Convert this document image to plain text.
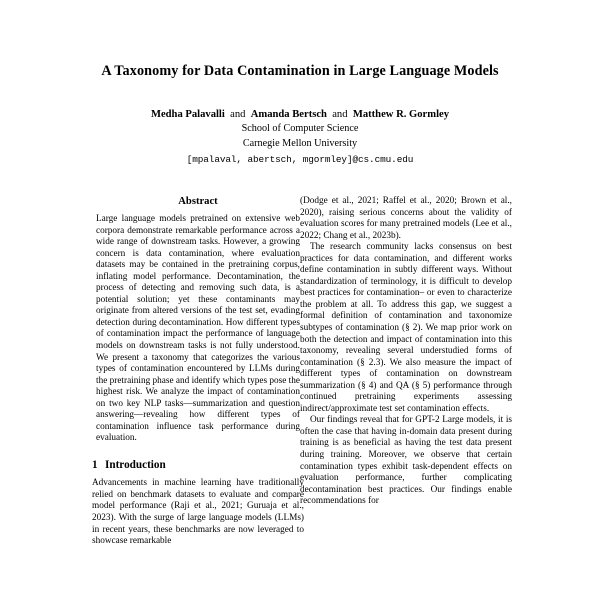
A Taxonomy for Data Contamination in Large Language Models
Medha Palavalli and Amanda Bertsch and Matthew R. Gormley
School of Computer Science
Carnegie Mellon University
[mpalaval, abertsch, mgormley]@cs.cmu.edu
Abstract

Large language models pretrained on extensive web corpora demonstrate remarkable performance across a wide range of downstream tasks. However, a growing concern is data contamination, where evaluation datasets may be contained in the pretraining corpus, inflating model performance. Decontamination, the process of detecting and removing such data, is a potential solution; yet these contaminants may originate from altered versions of the test set, evading detection during decontamination. How different types of contamination impact the performance of language models on downstream tasks is not fully understood. We present a taxonomy that categorizes the various types of contamination encountered by LLMs during the pretraining phase and identify which types pose the highest risk. We analyze the impact of contamination on two key NLP tasks—summarization and question answering—revealing how different types of contamination influence task performance during evaluation.

1 Introduction

Advancements in machine learning have traditionally relied on benchmark datasets to evaluate and compare model performance (Raji et al., 2021; Guruaja et al., 2023). With the surge of large language models (LLMs) in recent years, these benchmarks are now leveraged to showcase remarkable

(Dodge et al., 2021; Raffel et al., 2020; Brown et al., 2020), raising serious concerns about the validity of evaluation scores for many pretrained models (Lee et al., 2022; Chang et al., 2023b).

The research community lacks consensus on best practices for data contamination, and different works define contamination in subtly different ways. Without standardization of terminology, it is difficult to develop best practices for contamination– or even to characterize the problem at all. To address this gap, we suggest a formal definition of contamination and taxonomize subtypes of contamination (§ 2). We map prior work on both the detection and impact of contamination into this taxonomy, revealing several understudied forms of contamination (§ 2.3). We also measure the impact of different types of contamination on downstream summarization (§ 4) and QA (§ 5) performance through continued pretraining experiments assessing indirect/approximate test set contamination effects.

Our findings reveal that for GPT-2 Large models, it is often the case that having in-domain data present during training is as beneficial as having the test data present during training. Moreover, we observe that certain contamination types exhibit task-dependent effects on evaluation performance, further complicating decontamination best practices. Our findings enable recommendations for
